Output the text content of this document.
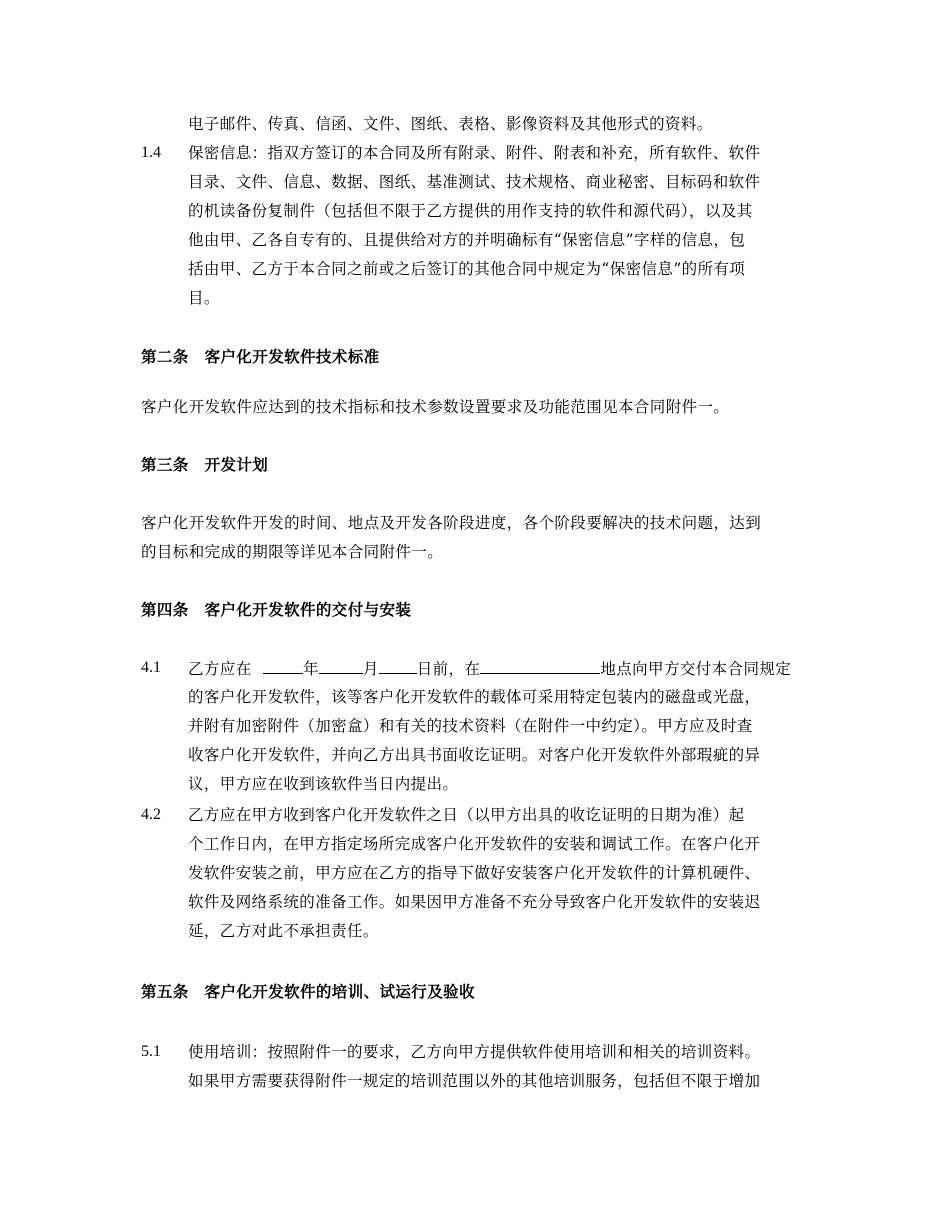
电子邮件、传真、信函、文件、图纸、表格、影像资料及其他形式的资料。
1.4 保密信息：指双方签订的本合同及所有附录、附件、附表和补充，所有软件、软件
目录、文件、信息、数据、图纸、基准测试、技术规格、商业秘密、目标码和软件
的机读备份复制件（包括但不限于乙方提供的用作支持的软件和源代码），以及其
他由甲、乙各自专有的、且提供给对方的并明确标有“保密信息”字样的信息，包
括由甲、乙方于本合同之前或之后签订的其他合同中规定为“保密信息”的所有项
目。
第二条　客户化开发软件技术标准
客户化开发软件应达到的技术指标和技术参数设置要求及功能范围见本合同附件一。
第三条　开发计划
客户化开发软件开发的时间、地点及开发各阶段进度，各个阶段要解决的技术问题，达到
的目标和完成的期限等详见本合同附件一。
第四条　客户化开发软件的交付与安装
4.1 乙方应在	年	月 日前，在	地点向甲方交付本合同规定
的客户化开发软件，该等客户化开发软件的载体可采用特定包装内的磁盘或光盘，
并附有加密附件（加密盒）和有关的技术资料（在附件一中约定）。甲方应及时查
收客户化开发软件，并向乙方出具书面收讫证明。对客户化开发软件外部瑕疵的异
议，甲方应在收到该软件当日内提出。
4.2 乙方应在甲方收到客户化开发软件之日（以甲方出具的收讫证明的日期为准）起
个工作日内，在甲方指定场所完成客户化开发软件的安装和调试工作。在客户化开
发软件安装之前，甲方应在乙方的指导下做好安装客户化开发软件的计算机硬件、
软件及网络系统的准备工作。如果因甲方准备不充分导致客户化开发软件的安装迟
延，乙方对此不承担责任。
第五条　客户化开发软件的培训、试运行及验收
5.1 使用培训：按照附件一的要求，乙方向甲方提供软件使用培训和相关的培训资料。
如果甲方需要获得附件一规定的培训范围以外的其他培训服务，包括但不限于增加
